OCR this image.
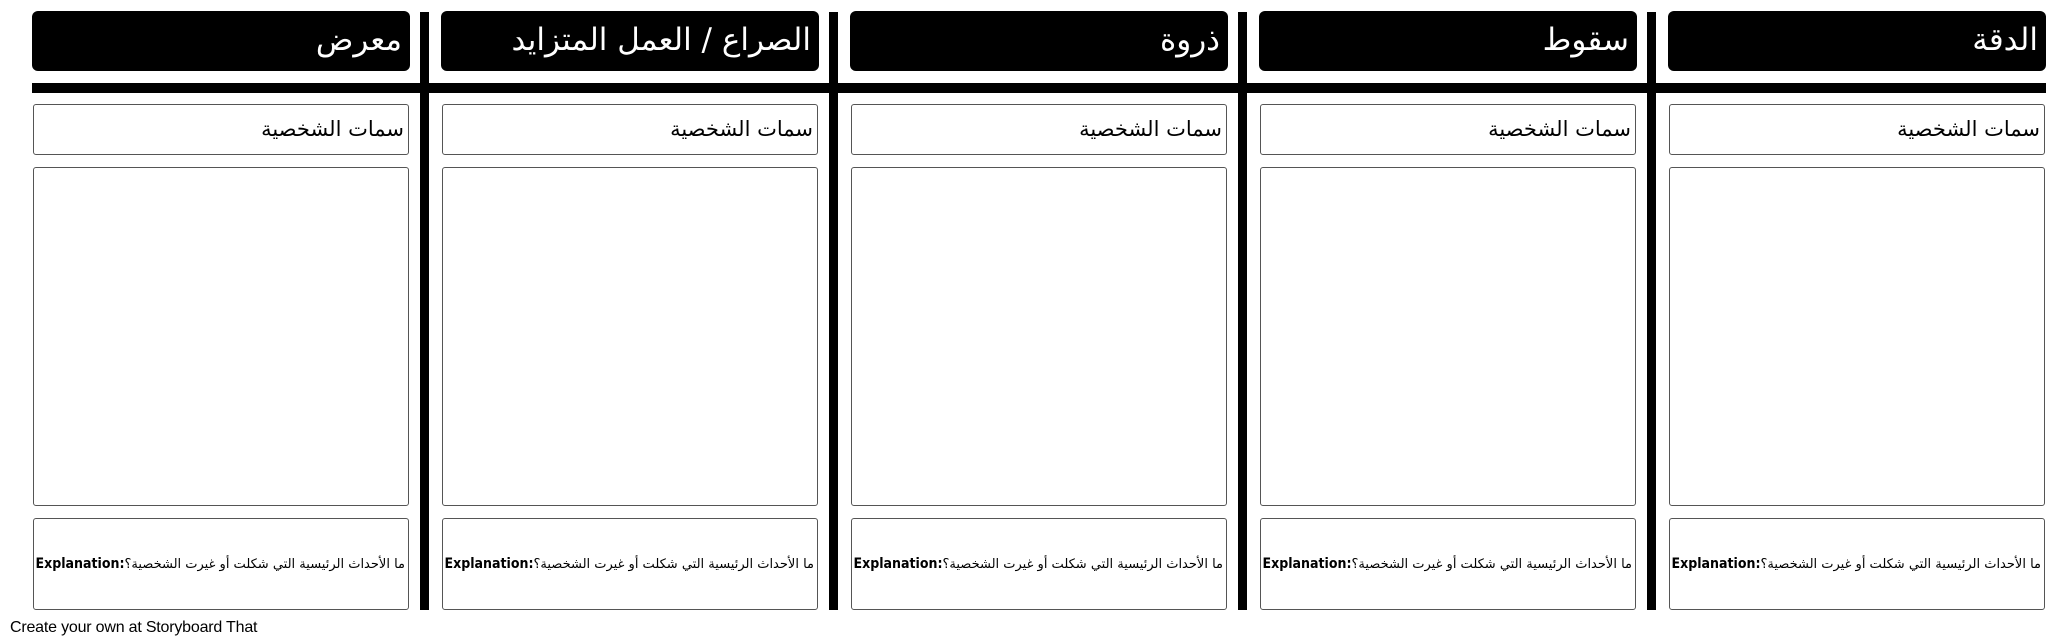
معرض
سمات الشخصية
Explanation: ما الأحداث الرئيسية التي شكلت أو غيرت الشخصية؟
الصراع / العمل المتزايد
سمات الشخصية
Explanation: ما الأحداث الرئيسية التي شكلت أو غيرت الشخصية؟
ذروة
سمات الشخصية
Explanation: ما الأحداث الرئيسية التي شكلت أو غيرت الشخصية؟
سقوط
سمات الشخصية
Explanation: ما الأحداث الرئيسية التي شكلت أو غيرت الشخصية؟
الدقة
سمات الشخصية
Explanation: ما الأحداث الرئيسية التي شكلت أو غيرت الشخصية؟
Create your own at Storyboard That
